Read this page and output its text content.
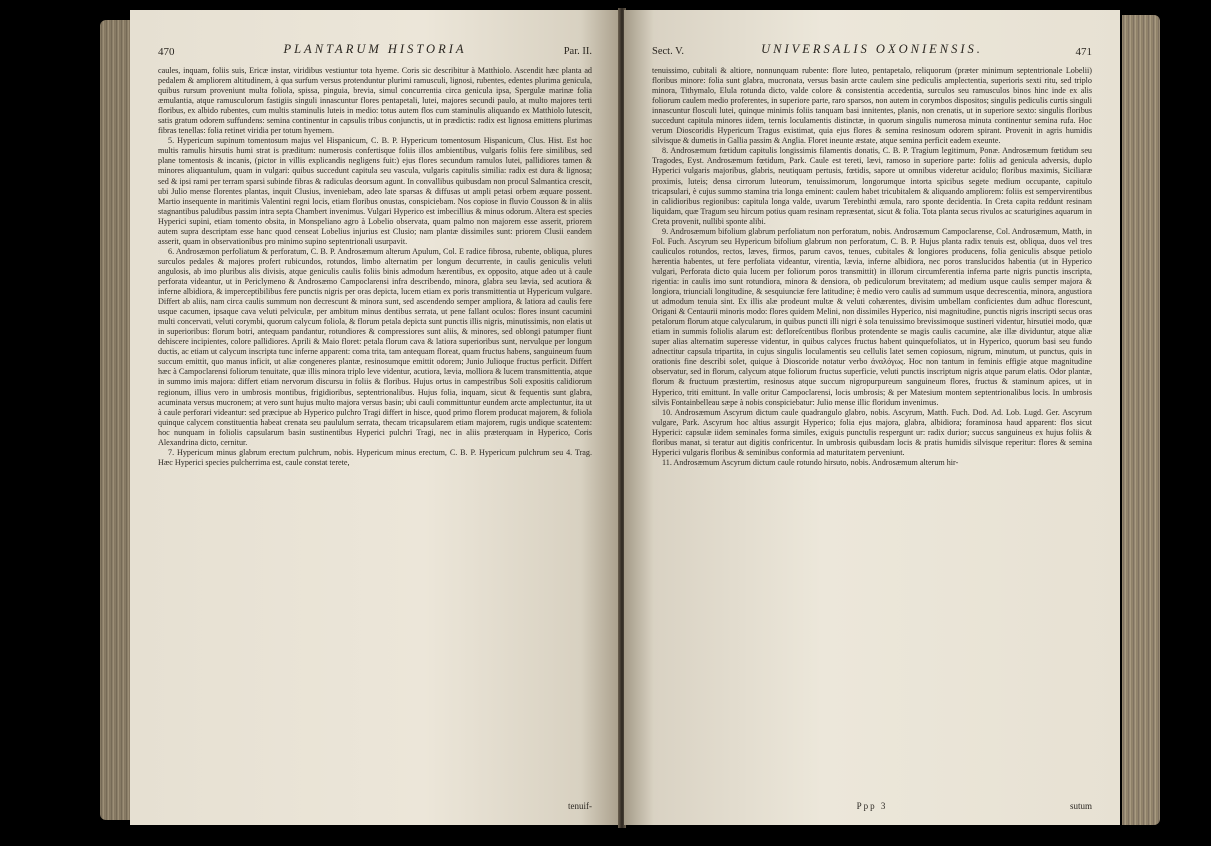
470	PLANTARUM HISTORIA	Par. II.

caules, inquam, foliis suis, Ericæ instar, viridibus vestiuntur tota hyeme. Coris sic describitur à Matthiolo. Ascendit hæc planta ad pedalem & ampliorem altitudinem, à qua surfum versus protenduntur plurimi ramusculi, lignosi, rubentes, edentes plurima genicula, quibus rursum proveniunt multa foliola, spissa, pinguia, brevia, simul concurrentia circa genicula ipsa, Spergulæ marinæ folia æmulantia, atque ramusculorum fastigiis singuli innascuntur flores pentapetali, lutei, majores secundi paulo, at multo majores terti floribus, ex albido rubentes, cum multis staminulis luteis in medio: totus autem flos cum staminulis aliquando ex Matthiolo lutescit, satis gratum odorem suffundens: semina continentur in capsulis tribus conjunctis, ut in prædictis: radix est lignosa emittens plurimas fibras tenellas: folia retinet viridia per totum hyemem.

5. Hypericum supinum tomentosum majus vel Hispanicum, C. B. P. Hypericum tomentosum Hispanicum, Clus. Hist. Est hoc multis ramulis hirsutis humi strat is præditum: numerosis confertisque foliis illos ambientibus, vulgaris foliis fere similibus, sed plane tomentosis & incanis, (pictor in villis explicandis negligens fuit:) ejus flores secundum ramulos lutei, pallidiores tamen & minores aliquantulum, quam in vulgari: quibus succedunt capitula seu vascula, vulgaris capitulis similia: radix est dura & lignosa; sed & ipsi rami per terram sparsi subinde fibras & radiculas deorsum agunt. In convallibus quibusdam non procul Salmantica crescit, ubi Julio mense florentes plantas, inquit Clusius, inveniebam, adeo late sparsas & diffusas ut ampli petasi orbem æquare possent. Martio insequente in maritimis Valentini regni locis, etiam floribus onustas, conspiciebam. Nos copiose in fluvio Cousson & in aliis stagnantibus paludibus passim intra septa Chambert invenimus. Vulgari Hyperico est imbecillius & minus odorum. Altera est species Hyperici supini, etiam tomento obsita, in Monspeliano agro à Lobelio observata, quam palmo non majorem esse asserit, priorem autem supra descriptam esse hanc quod censeat Lobelius injurius est Clusio; nam plantæ dissimiles sunt: priorem Clusii eandem asserit, quam in observationibus pro minimo supino septentrionali usurpavit.

6. Androsæmon perfoliatum & perforatum, C. B. P. Androsæmum alterum Apulum, Col. E radice fibrosa, rubente, obliqua, plures surculos pedales & majores profert rubicundos, rotundos, limbo alternatim per longum decurrente, in caulis geniculis veluti angulosis, ab imo pluribus alis divisis, atque geniculis caulis foliis binis admodum hærentibus, ex opposito, atque adeo ut à caule perforata videantur, ut in Periclymeno & Androsæmo Campoclarensi infra describendo, minora, glabra seu lævia, sed acutiora & inferne albidiora, & imperceptibilibus fere punctis nigris per oras depicta, lucem etiam ex poris transmittentia ut Hypericum vulgare. Differt ab aliis, nam circa caulis summum non decrescunt & minora sunt, sed ascendendo semper ampliora, & latiora ad caulis fere usque cacumen, ipsaque cava veluti pelviculæ, per ambitum minus dentibus serrata, ut pene fallant oculos: flores insunt cacumini multi concervati, veluti corymbi, quorum calycum foliola, & florum petala depicta sunt punctis illis nigris, minutissimis, non elatis ut in superioribus: florum botri, antequam pandantur, rotundiores & compressiores sunt aliis, & minores, sed oblongi patumper fiunt dehiscere incipientes, colore pallidiores. Aprili & Maio floret: petala florum cava & latiora superioribus sunt, nervulque per longum ductis, ac etiam ut calycum inscripta tunc inferne apparent: coma trita, tam antequam floreat, quam fructus habens, sanguineum fuum succum emittit, quo manus inficit, ut aliæ congeneres plantæ, resinosumque emittit odorem; Junio Julioque fructus perficit. Differt hæc à Campoclarensi foliorum tenuitate, quæ illis minora triplo leve videntur, acutiora, lævia, molliora & lucem transmittentia, atque in summo imis majora: differt etiam nervorum discursu in foliis & floribus. Hujus ortus in campestribus Soli expositis calidiorum regionum, illius vero in umbrosis montibus, frigidioribus, septentrionalibus. Hujus folia, inquam, sicut & fequentis sunt glabra, acuminata versus mucronem; at vero sunt hujus multo majora versus basin; ubi cauli committuntur eundem arcte amplectuntur, ita ut à caule perforari videantur: sed præcipue ab Hyperico pulchro Tragi differt in hisce, quod primo florem producat majorem, & foliola quinque calycem constituentia habeat crenata seu paululum serrata, thecam tricapsularem etiam majorem, rugis undique scatentem: hoc nunquam in foliolis capsularum basin sustinentibus Hyperici pulchri Tragi, nec in aliis præterquam in Hyperico, Coris Alexandrina dicto, cernitur.

7. Hypericum minus glabrum erectum pulchrum, nobis. Hypericum minus erectum, C. B. P. Hypericum pulchrum seu 4. Trag. Hæc Hyperici species pulcherrima est, caule constat terete,

tenuif-
Sect. V.	UNIVERSALIS OXONIENSIS.	471

tenuissimo, cubitali & altiore, nonnunquam rubente: flore luteo, pentapetalo, reliquorum (præter minimum septentrionale Lobelii) floribus minore: folia sunt glabra, mucronata, versus basin arcte caulem sine pediculis amplectentia, superioris sexti ritu, sed triplo minora, Tithymalo, Elula rotunda dicto, valde colore & consistentia accedentia, surculos seu ramusculos binos hinc inde ex alis foliorum caulem medio proferentes, in superiore parte, raro sparsos, non autem in corymbos dispositos; singulis pediculis curtis singuli innascuntur flosculi lutei, quinque minimis foliis tanquam basi innitentes, planis, non crenatis, ut in superiore sexto: singulis floribus succedunt capitula minores iidem, ternis loculamentis distinctæ, in quorum singulis numerosa minuta continentur semina rufa. Hoc verum Dioscoridis Hypericum Tragus existimat, quia ejus flores & semina resinosum odorem spirant. Provenit in agris humidis silvisque & dumetis in Gallia passim & Anglia. Floret ineunte æstate, atque semina perficit eadem exeunte.

8. Androsæmum fœtidum capitulis longissimis filamentis donatis, C. B. P. Tragium legitimum, Ponæ. Androsæmum fœtidum seu Tragodes, Eyst. Androsæmum fœtidum, Park. Caule est tereti, lævi, ramoso in superiore parte: foliis ad genicula adversis, duplo Hyperici vulgaris majoribus, glabris, neutiquam pertusis, fœtidis, sapore ut omnibus videretur acidulo; floribus maximis, Siciliaræ proximis, luteis; densa cirrorum luteorum, tenuissimorum, longorumque intorta spicibus segete medium occupante, capitulo tricapsulari, è cujus summo stamina tria longa eminent: caulem habet tricubitalem & aliquando ampliorem: foliis est sempervirentibus in calidioribus regionibus: capitula longa valde, uvarum Terebinthi æmula, raro sponte decidentia. In Creta capita reddunt resinam liquidam, quæ Tragum seu hircum potius quam resinam repræsentat, sicut & folia. Tota planta secus rivulos ac scaturigines aquarum in Creta provenit, nullibi sponte alibi.

9. Androsæmum bifolium glabrum perfoliatum non perforatum, nobis. Androsæmum Campoclarense, Col. Androsæmum, Matth, in Fol. Fuch. Ascyrum seu Hypericum bifolium glabrum non perforatum, C. B. P. Hujus planta radix tenuis est, obliqua, duos vel tres cauliculos rotundos, rectos, læves, firmos, parum cavos, tenues, cubitales & longiores producens, folia geniculis absque petiolo hærentia habentes, ut fere perfoliata videantur, virentia, lævia, inferne albidiora, nec poros translucidos habentia (ut in Hyperico vulgari, Perforata dicto quia lucem per foliorum poros transmittit) in illorum circumferentia inferna parte nigris punctis inscripta, rigentia: in caulis imo sunt rotundiora, minora & densiora, ob pediculorum brevitatem; ad medium usque caulis semper majora & longiora, triunciali longitudine, & sesquiunciæ fere latitudine; è medio vero caulis ad summum usque decrescentia, minora, angustiora ut admodum tenuia sint. Ex illis alæ prodeunt multæ & veluti cohærentes, divisim umbellam conficientes dum adhuc florescunt, Origani & Centaurii minoris modo: flores quidem Melini, non dissimiles Hyperico, nisi magnitudine, punctis nigris inscripti secus oras petalorum florum atque calycularum, in quibus puncti illi nigri è sola tenuissimo brevissimoque sustineri videntur, hirsutiei modo, quæ etiam in summis foliolis alarum est: defloreſcentibus floribus protendente se magis caulis cacumine, alæ illæ dividuntur, atque aliæ super alias alternatim superesse videntur, in quibus calyces fructus habent quinquefoliatos, ut in Hyperico, quorum basi seu fundo adnectitur capsula tripartita, in cujus singulis loculamentis seu cellulis latet semen copiosum, nigrum, minutum, ut punctus, quis in orationis fine describi solet, quique à Dioscoride notatur verbo ἀναλόγως. Hoc non tantum in feminis effigie atque magnitudine observatur, sed in florum, calycum atque foliorum fructus superficie, veluti punctis inscriptum nigris atque parum elatis. Odor plantæ, florum & fructuum præstertim, resinosus atque succum nigropurpureum sanguineum flores, fructus & staminum apices, ut in Hyperico, triti emittunt. In valle oritur Campoclarensi, locis umbrosis; & per Matesium montem septentrionalibus locis. In umbrosis silvis Fontainbelleau sæpe à nobis conspiciebatur: Julio mense illic floridum invenimus.

10. Androsæmum Ascyrum dictum caule quadrangulo glabro, nobis. Ascyrum, Matth. Fuch. Dod. Ad. Lob. Lugd. Ger. Ascyrum vulgare, Park. Ascyrum hoc altius assurgit Hyperico; folia ejus majora, glabra, albidiora; foraminosa haud apparent: flos sicut Hyperici: capsulæ iidem seminales forma similes, exiguis punctulis respergunt ur: radix durior; succus sanguineus ex hujus foliis & floribus manat, si teratur aut digitis confricentur. In umbrosis quibusdam locis & pratis humidis silvisque reperitur: flores & semina Hyperici vulgaris floribus & seminibus conformia ad maturitatem perveniunt.

11. Androsæmum Ascyrum dictum caule rotundo hirsuto, nobis. Androsæmum alterum hir-

Ppp 3	sutum
